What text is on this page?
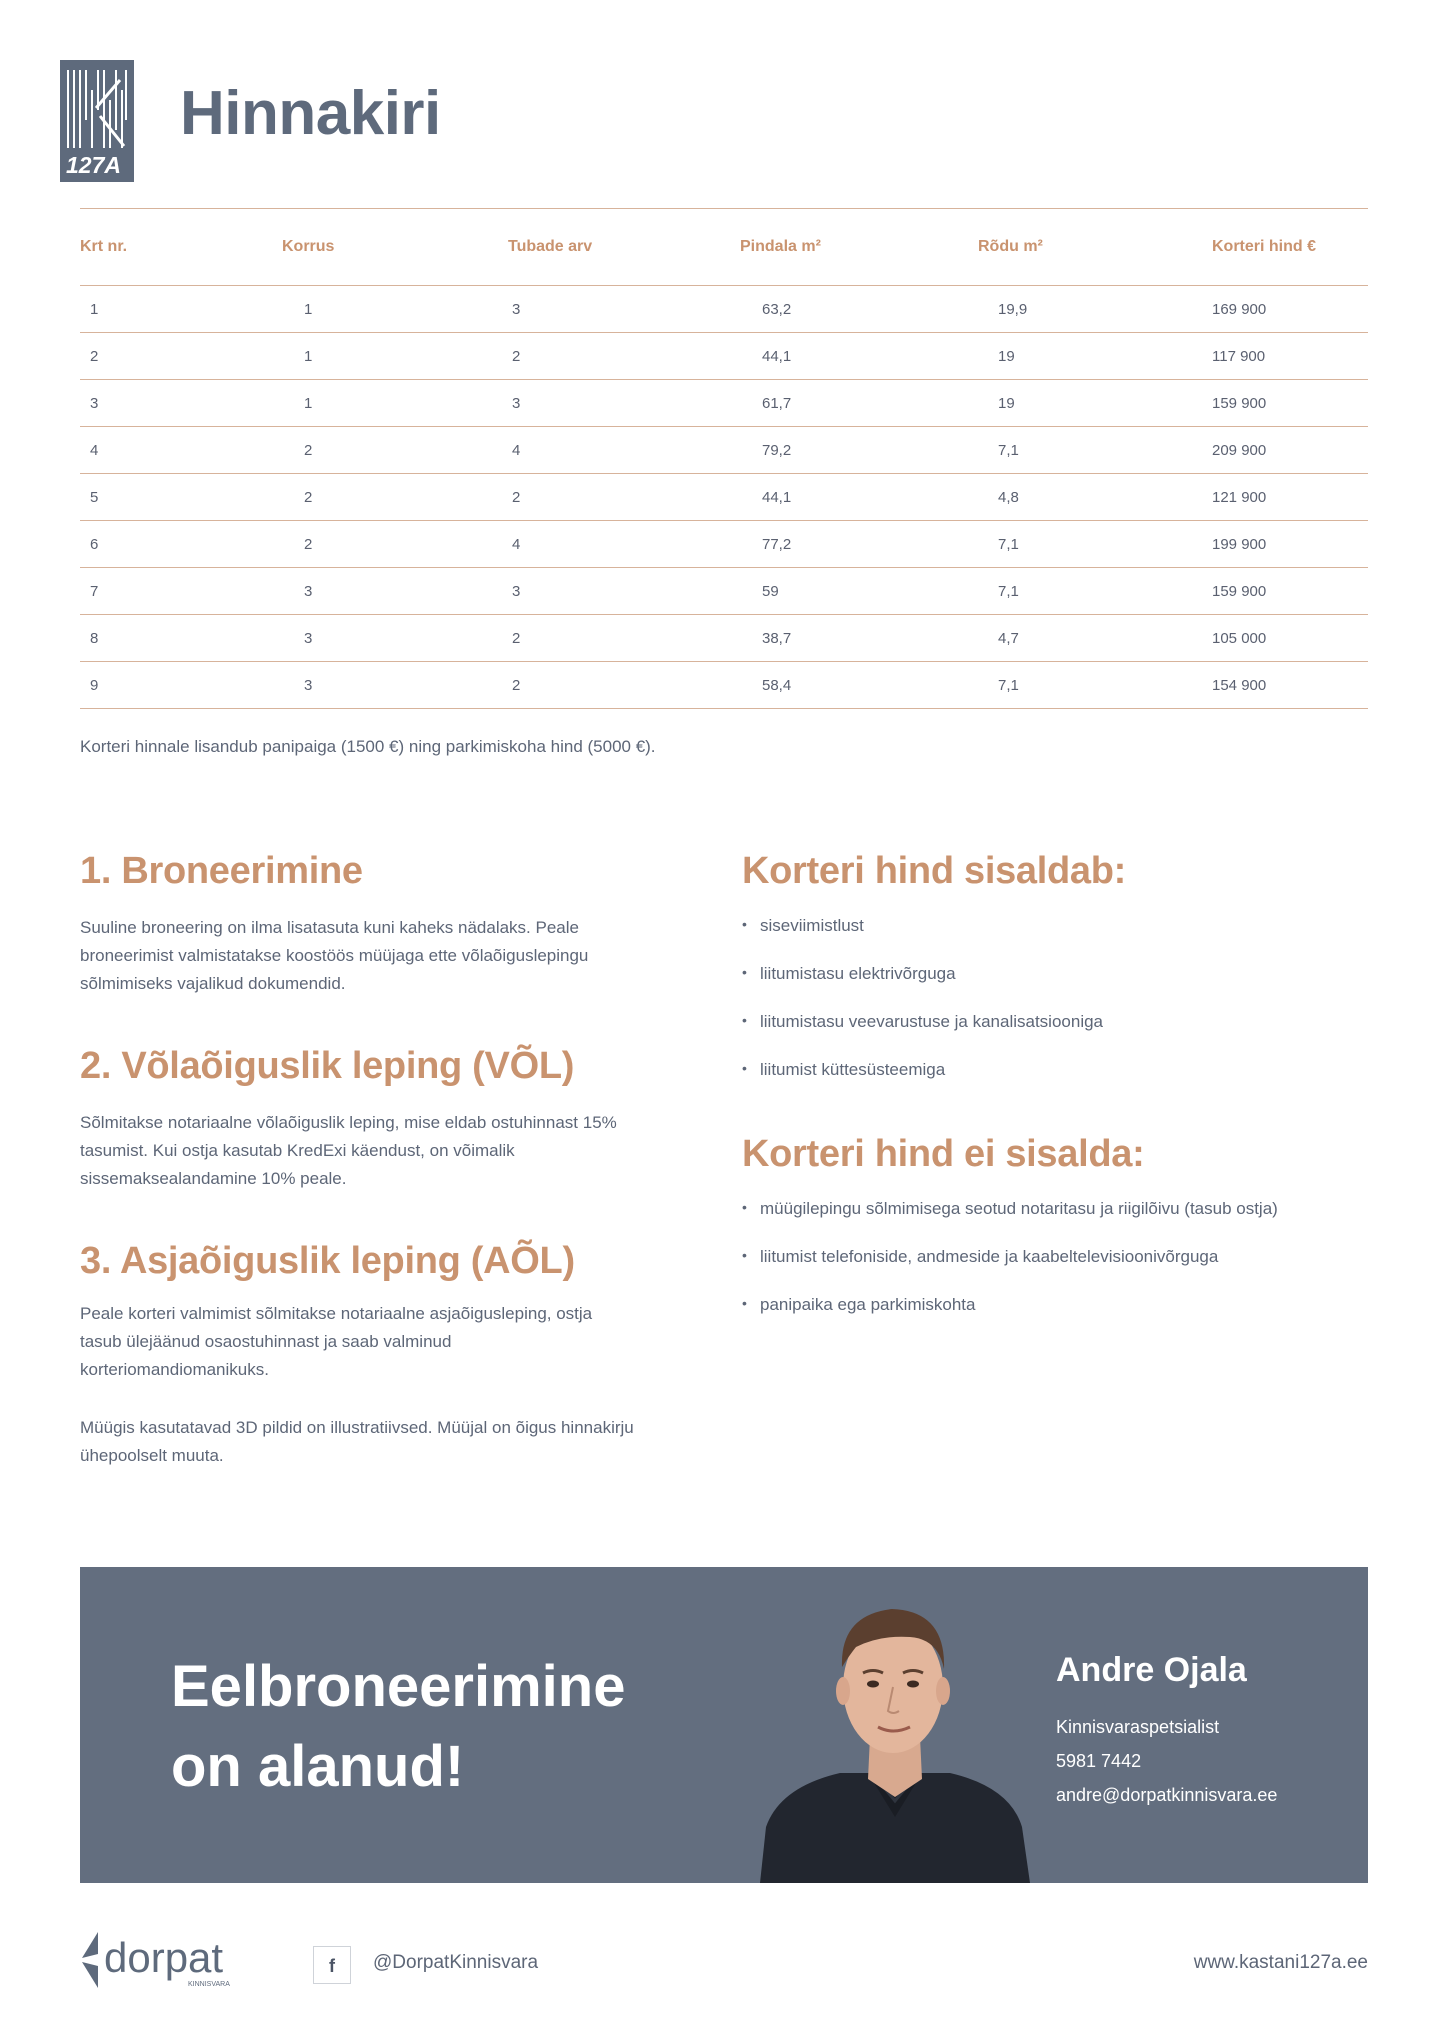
127A
Hinnakiri
Krt nr.	Korrus	Tubade arv	Pindala m²	Rõdu m²	Korteri hind €
1	1	3	63,2	19,9	169 900
2	1	2	44,1	19	117 900
3	1	3	61,7	19	159 900
4	2	4	79,2	7,1	209 900
5	2	2	44,1	4,8	121 900
6	2	4	77,2	7,1	199 900
7	3	3	59	7,1	159 900
8	3	2	38,7	4,7	105 000
9	3	2	58,4	7,1	154 900
Korteri hinnale lisandub panipaiga (1500 €) ning parkimiskoha hind (5000 €).
1. Broneerimine

Suuline broneering on ilma lisatasuta kuni kaheks nädalaks. Peale

broneerimist valmistatakse koostöös müüjaga ette võlaõiguslepingu

sõlmimiseks vajalikud dokumendid.

2. Võlaõiguslik leping (VÕL)

Sõlmitakse notariaalne võlaõiguslik leping, mise eldab ostuhinnast 15%

tasumist. Kui ostja kasutab KredExi käendust, on võimalik

sissemaksealandamine 10% peale.

3. Asjaõiguslik leping (AÕL)

Peale korteri valmimist sõlmitakse notariaalne asjaõigusleping, ostja

tasub ülejäänud osaostuhinnast ja saab valminud

korteriomandiomanikuks.

Müügis kasutatavad 3D pildid on illustratiivsed. Müüjal on õigus hinnakirju

ühepoolselt muuta.

Korteri hind sisaldab:
• siseviimistlust
• liitumistasu elektrivõrguga
• liitumistasu veevarustuse ja kanalisatsiooniga
• liitumist küttesüsteemiga
Korteri hind ei sisalda:
• müügilepingu sõlmimisega seotud notaritasu ja riigilõivu (tasub ostja)
• liitumist telefoniside, andmeside ja kaabeltelevisioonivõrguga
• panipaika ega parkimiskohta
Eelbroneerimine
on alanud!
Andre Ojala
Kinnisvaraspetsialist
5981 7442
andre@dorpatkinnisvara.ee
dorpat
KINNISVARA
f	@DorpatKinnisvara	www.kastani127a.ee
